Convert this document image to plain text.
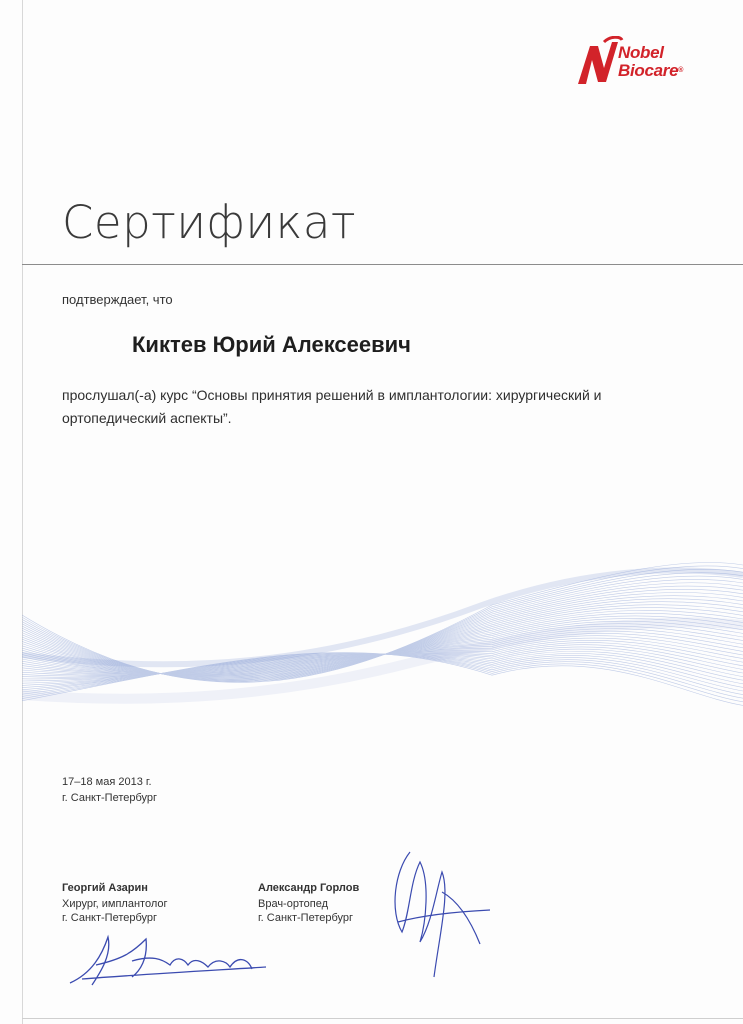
Nobel
Biocare®
Сертификат
подтверждает, что
Киктев Юрий Алексеевич
прослушал(-а) курс “Основы принятия решений в имплантологии: хирургический и ортопедический аспекты”.
17–18 мая 2013 г.
г. Санкт-Петербург
Георгий Азарин
Хирург, имплантолог
г. Санкт-Петербург
Александр Горлов
Врач-ортопед
г. Санкт-Петербург
